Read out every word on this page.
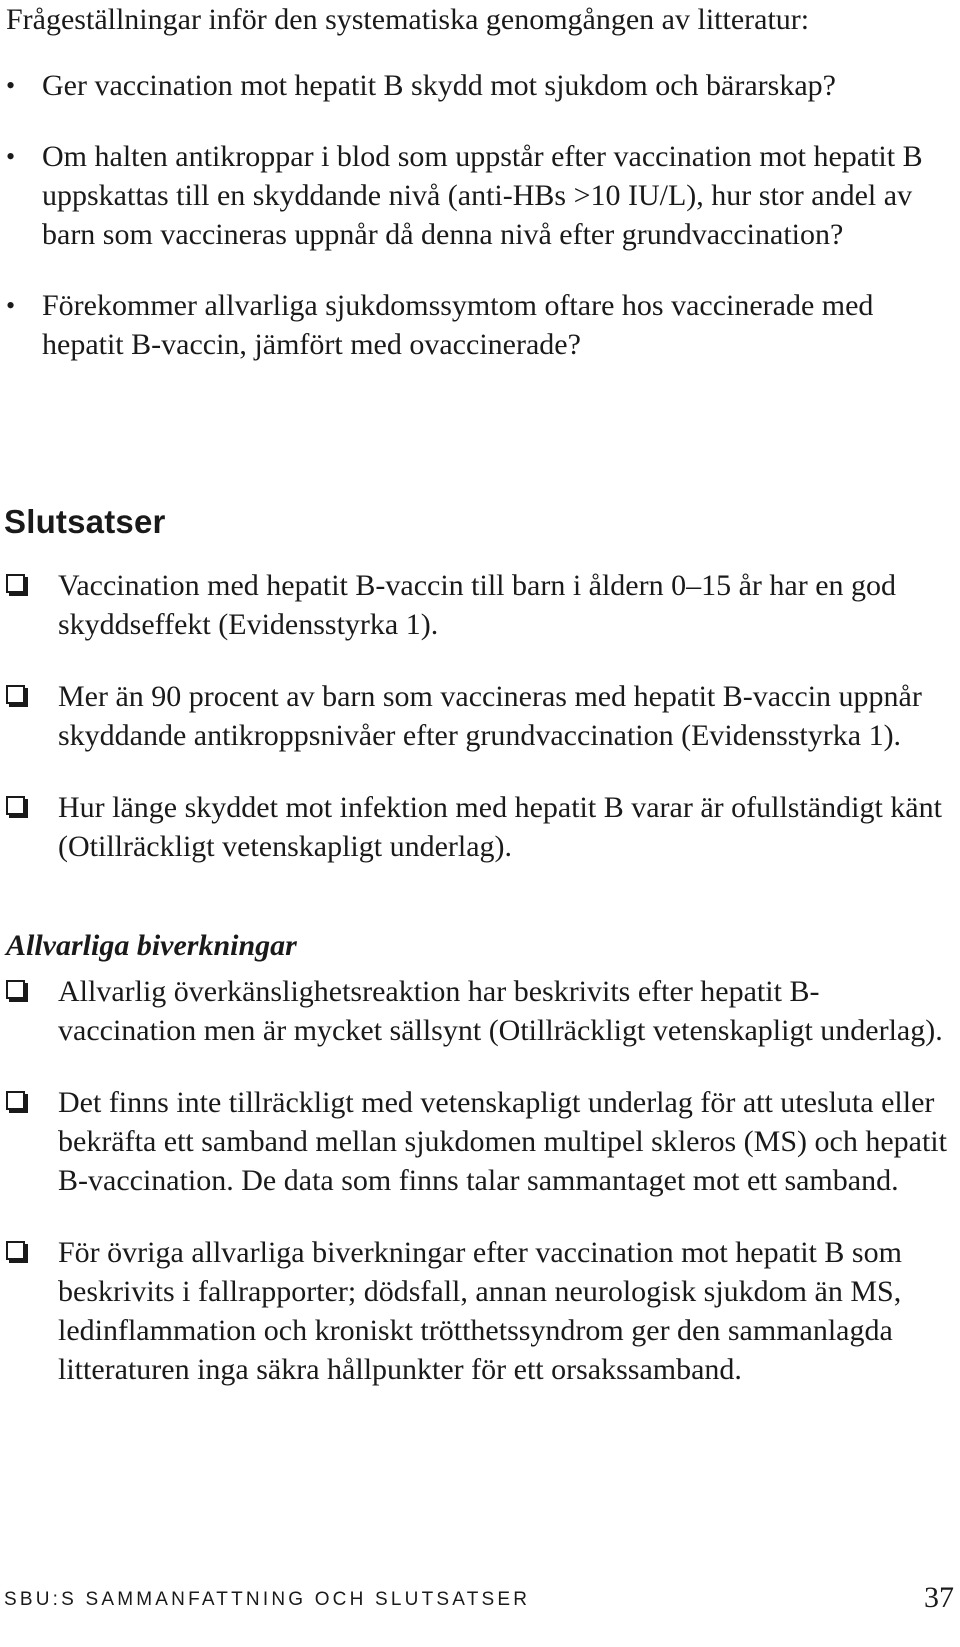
Frågeställningar inför den systematiska genomgången av litteratur:

• Ger vaccination mot hepatit B skydd mot sjukdom och bärarskap?
• Om halten antikroppar i blod som uppstår efter vaccination mot hepatit B uppskattas till en skyddande nivå (anti-HBs >10 IU/L), hur stor andel av barn som vaccineras uppnår då denna nivå efter grundvaccination?
• Förekommer allvarliga sjukdomssymtom oftare hos vaccinerade med hepatit B-vaccin, jämfört med ovaccinerade?
Slutsatser
Vaccination med hepatit B-vaccin till barn i åldern 0–15 år har en god skyddseffekt (Evidensstyrka 1).
Mer än 90 procent av barn som vaccineras med hepatit B-vaccin uppnår skyddande antikroppsnivåer efter grundvaccination (Evidensstyrka 1).
Hur länge skyddet mot infektion med hepatit B varar är ofullständigt känt (Otillräckligt vetenskapligt underlag).
Allvarliga biverkningar
Allvarlig överkänslighetsreaktion har beskrivits efter hepatit B-vaccination men är mycket sällsynt (Otillräckligt vetenskapligt underlag).
Det finns inte tillräckligt med vetenskapligt underlag för att utesluta eller bekräfta ett samband mellan sjukdomen multipel skleros (MS) och hepatit B-vaccination. De data som finns talar sammantaget mot ett samband.
För övriga allvarliga biverkningar efter vaccination mot hepatit B som beskrivits i fallrapporter; dödsfall, annan neurologisk sjukdom än MS, ledinflammation och kroniskt trötthetssyndrom ger den sammanlagda litteraturen inga säkra hållpunkter för ett orsakssamband.

SBU:S SAMMANFATTNING OCH SLUTSATSER	37
